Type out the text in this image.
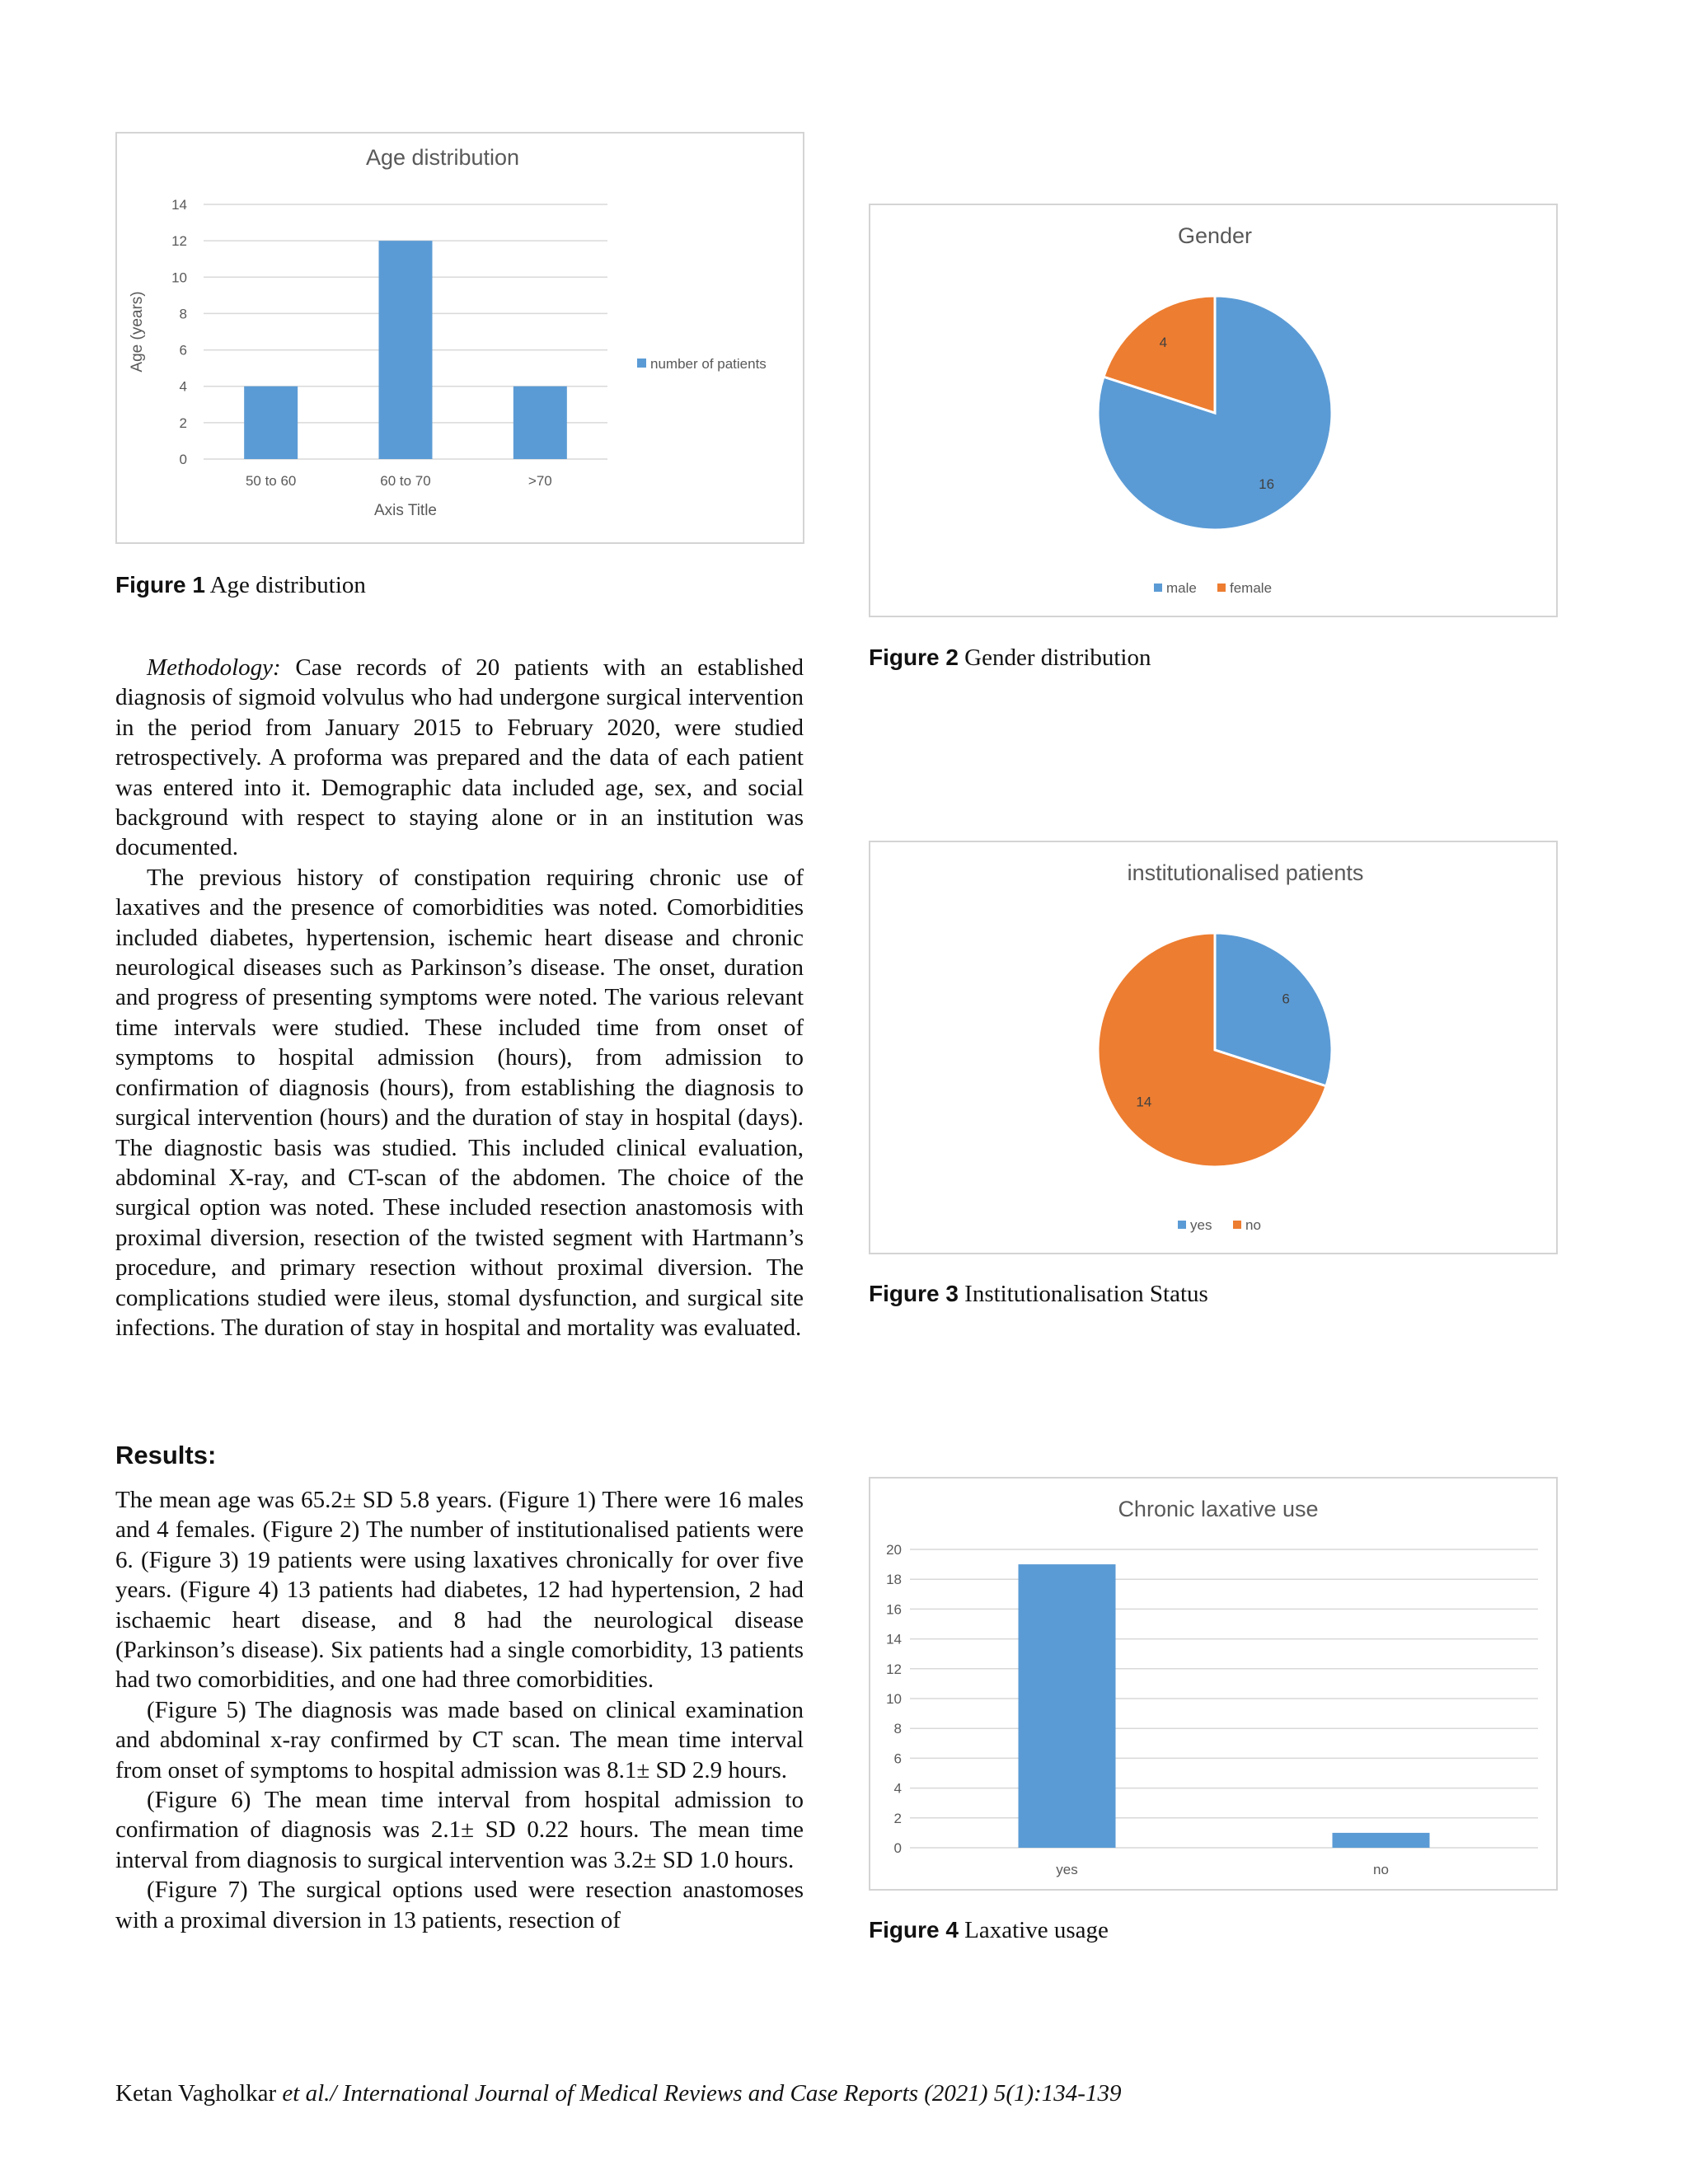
Age distribution
0
2
4
6
8
10
12
14
50 to 60	60 to 70	>70
Axis Title
Age (years)	number of patients
Figure 1 Age distribution
Gender
16
4
male female
Figure 2 Gender distribution
institutionalised patients
6
14
yes no
Figure 3 Institutionalisation Status
Chronic laxative use
0
2
4
6
8
10
12
14
16
18
20
yes	no
Figure 4 Laxative usage

Methodology: Case records of 20 patients with an established diagnosis of sigmoid volvulus who had undergone surgical intervention in the period from January 2015 to February 2020, were studied retrospectively. A proforma was prepared and the data of each patient was entered into it. Demographic data included age, sex, and social background with respect to staying alone or in an institution was documented.

The previous history of constipation requiring chronic use of laxatives and the presence of comorbidities was noted. Comorbidities included diabetes, hypertension, ischemic heart disease and chronic neurological diseases such as Parkinson’s disease. The onset, duration and progress of presenting symptoms were noted. The various relevant time intervals were studied. These included time from onset of symptoms to hospital admission (hours), from admission to confirmation of diagnosis (hours), from establishing the diagnosis to surgical intervention (hours) and the duration of stay in hospital (days). The diagnostic basis was studied. This included clinical evaluation, abdominal X-ray, and CT-scan of the abdomen. The choice of the surgical option was noted. These included resection anastomosis with proximal diversion, resection of the twisted segment with Hartmann’s procedure, and primary resection without proximal diversion. The complications studied were ileus, stomal dysfunction, and surgical site infections. The duration of stay in hospital and mortality was evaluated.

Results:

The mean age was 65.2± SD 5.8 years. (Figure 1) There were 16 males and 4 females. (Figure 2) The number of institutionalised patients were 6. (Figure 3) 19 patients were using laxatives chronically for over five years. (Figure 4) 13 patients had diabetes, 12 had hypertension, 2 had ischaemic heart disease, and 8 had the neurological disease (Parkinson’s disease). Six patients had a single comorbidity, 13 patients had two comorbidities, and one had three comorbidities.

(Figure 5) The diagnosis was made based on clinical examination and abdominal x-ray confirmed by CT scan. The mean time interval from onset of symptoms to hospital admission was 8.1± SD 2.9 hours.

(Figure 6) The mean time interval from hospital admission to confirmation of diagnosis was 2.1± SD 0.22 hours. The mean time interval from diagnosis to surgical intervention was 3.2± SD 1.0 hours.

(Figure 7) The surgical options used were resection anastomoses with a proximal diversion in 13 patients, resection of

Ketan Vagholkar et al./ International Journal of Medical Reviews and Case Reports (2021) 5(1):134-139
